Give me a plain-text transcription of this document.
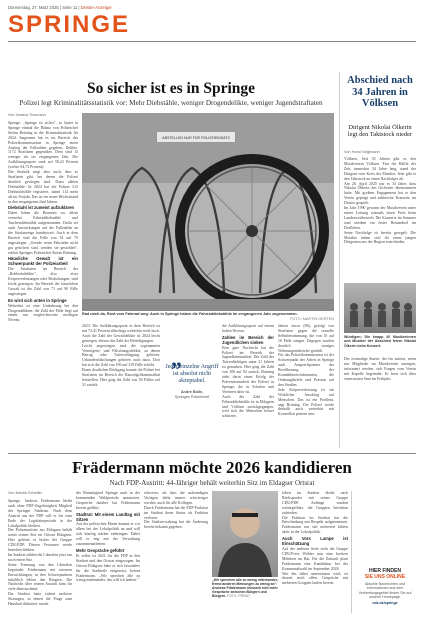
Donnerstag, 27. März 2025 | Seite 11 | Deister-Anzeiger
SPRINGE
So sicher ist es in Springe
Polizei legt Kriminalitätsstatistik vor: Mehr Diebstähle, weniger Drogendelikte, weniger Jugendstraftaten
Von Jessica Tiesmann
Springe. „Springe ist sicher", so lautet in Springe einmal die Bilanz von Polizeichef Stefan Brüning in der Kriminalstatistik für 2024. Insgesamt hat es im Bereich des Polizeikommissariats in Springe einen Anstieg der Fallzahlen gegeben, Delikte, 1172 Straftaten gegenüber. Dem sind 13 weniger als im vergangenen Jahr. Die Aufklärungsquote sank auf 58,22 Prozent (vorher 64,72 Prozent).
Die Statistik zeigt aber auch, dass es Straftaten gibt, bei denen die Polizei deutlich gestiegen sind. Dazu zählen Diebstähle: In 2024 hat die Polizei 312 Diebstahlsfälle registriert, damit 114 mehr als im Vorjahr. Das ist ein neuer Höchststand in den vergangenen fünf Jahren.
Diebstahl ist zumeist aufzuklären
Dabei haben die Beamten vor allem vermehrt Fahrraddiebstähle und Taschendiebstähle aufgenommen. Dafür sei auch Auswirkungen auf die Fallzahlen an der Strafanzeige bundesweit. Auch in dem Bereich sind die Fälle von 34 auf 70 angestiegen. „Gerade wenn Fahrräder nicht gut gesichert sind, werden sie gestohlen", erklärt Springes Polizeichef Stefan Brüning.
Häusliche Gewalt ist ein Schwerpunkt der Polizeiarbeit
Die Straftaten im Bereich der „Rohheitsdelikte", also etwa Körperverletzungen oder Bedrohungen, sind leicht gestiegen. Im Bereich der häuslichen Gewalt ist die Zahl von 71 auf 90 Fälle angestiegen.
Es wird sich unten in Springe
Weiterhin ist eine Umkehrung bei den Drogendelikten: die Zahl der Fälle liegt auf einem nur vergleichsweise niedrigen Niveau.
ABSTELLEN NUR FÜR POLIZEIEINSATZ
Rad noch da, Rost vom Fahrrad weg: Auch in Springe haben die Fahrraddiebstähle im vergangenen Jahr zugenommen.
FOTO: MARTIN GERTEN
2023. Die Aufklärungsquote in dem Bereich ist mit 73,41 Prozent allerdings weiterhin recht hoch. Auch die Zahl der Gewaltdelikte ist 2024 leicht gestiegen, ebenso die Zahl der Beleidigungen.
Leicht angestiegen sind die sogenannten Vermögens- und Fälschungsdelikte, zu denen Betrug oder Unterschlagung gehören. Urkundenfälschungen gehören auch dazu. Dort hat sich die Zahl von 196 auf 219 Fälle erhöht.
Einen deutlichen Rückgang konnte die Polizei bei Straftaten im Bereich der Rauschgiftkriminalität feststellen. Hier ging die Zahl von 56 Fällen auf 31 zurück.
„
Jeder einzelne Angriff ist absolut nicht akzeptabel.
André Bolle,
Springes Polizeichef
die Aufklärungsquote auf einem hohen Niveau.
Zahlen im Bereich der Jugendlichen sinken
Eine gute Nachricht hat die Polizei im Bereich der Jugendkriminalität: Die Zahl der Tatverdächtigen unter 21 Jahren ist gesunken. Hier ging die Zahl von 106 auf 92 zurück. Brüning sieht darin einen Erfolg der Präventionsarbeit der Polizei in Springe, die in Schulen und Vereinen aktiv ist.
Auch die Zahl der Fahrraddiebstähle ist in Eldagsen und Völksen zurückgegangen, weil sich die Menschen besser schützen.
Jahren zuvor (86), gefolgt von Straftaten gegen die sexuelle Selbstbestimmung, die von 10 auf 16 Fälle stiegen. Dagegen wurden deutlich weniger Wohnungseinbrüche gezählt.
Für das Polizeikommissariat ist der Schwerpunkt der Arbeit in Springe auch Ansprechpartner der Bevölkerung, der Kontaktbereichsbeamten, die Ordnungskräfte und Präsenz auf den Straßen.
Jede Körperverletzung ist ein Wirklicher Anschlag auf Menschen. Das ist ein Problem, sagt Brüning. Die Polizei werde deshalb auch weiterhin mit Kontrollen präsent sein.
Abschied nach 34 Jahren in Völksen
Dirigent Nikolai Ölkerin legt den Taktstock nieder
Von Horst Voigtmann
Völksen. Seit 35 Jahren gibt es den Musikverein Völksen. Fast die Hälfte der Zeit, immerhin 34 Jahre lang, stand der Dirigent vorn Kreis der Musiker. Jetzt gibt er den Taktstock an einen Nachfolger ab.
Am 26. April 2025 war es 34 Jahre, dass Nikolai Ölkerin das Orchester übernommen hatte. Mit großem Engagement hat er den Verein geprägt und zahlreiche Konzerte im Deister gespielt.
Im Jahr 1990 gewann der Musikverein unter seiner Leitung erstmals einen Preis beim Landeswettbewerb. Die Konzerte im Sommer sind seitdem ein fester Bestandteil im Dorfleben.
Seine Nachfolge ist bereits geregelt: Die Musiker haben sich für einen jungen Dirigenten aus der Region entschieden.
Würdigen: Die knapp 40 Musikerinnen und Musiker der Abschied feiern Nikolai Ölkerin beim Konzert.
Der erstmalige Starter, der bis zuletzt, wenn nur Mitglieder im Musikverein anzeigen, informiert werden, sich Fragen vom Verein mit Kapelle begründet. Er freut sich über einen neuen Start im Frühjahr.
Frädermann möchte 2026 kandidieren
Nach FDP-Austritt: 44-Jähriger behält weiterhin Sitz im Eldagser Ortsrat
Von Mantia Scheffer
Springe. Andreas Frädermann bleibt auch ohne FDP-Zugehörigkeit Mitglied des Springer Stadtrats. Nach dem Austritt aus der FDP will er bis zum Ende der Legislaturperiode in der Lokalpolitik bleiben.
Der Polizeimeister aus Eldagsen behält somit seinen Sitz im Ortsrat Eldagsen. Hier gehörte er bisher der Gruppe CDU/FDP. Diesen Vertrauen werde bestehen bleiben.
Im Stadtrat zählen die Liberalen jetzt nur noch einen Sitz.
Seine Trennung von den Liberalen begründet Frädermann mit internen Entwicklungen, in den Schwerpunkten inhaltlich fehlen den Bürgern. Die Nachricht über seinen Austritt kam für viele überraschend.
Der Stadtrat hatte zuletzt mehrere Sitzungen, in denen die Frage zum Haushalt diskutiert wurde.
der Ratsmitglied Springe auch in der kommenden Wahlperiode anzutreten. Gespräche darüber hat Frädermann bereits geführt.
Stadtrat: Mit einem Landtag mit Sitzen
Auf der politischen Ebene kommt er vor allem bei der Lokalpolitik an und will sich künftig stärker einbringen. Dabei will er eng mit der Verwaltung zusammenarbeiten.
Mehr Gespräche geführt
Er selbst ist 2021 für die FDP in den Stadtrat und den Ortsrat eingezogen. Im Ortsrat Eldagsen habe er sich besonders für die Stadtteile eingesetzt, betont Frädermann. „Wir sprechen alle zu wenig miteinander, das will ich ändern."
schwerer, als dass die aufwendigen Vorlagen dafür immer schwieriger werden, auch für alle Kollegen.
Durch Frädermann hat die FDP-Fraktion im Stadtrat ihren Status als Fraktion verloren.
Die Stadtverwaltung hat die Änderung bereits bekannt gegeben.
„Wir sprechen alle zu wenig miteinander, fremd anderen Meinungen zu wenig an": Andreas Frädermann wünscht sich mehr Gespräche zwischen Bürgern und Bürgern. FOTO: PRIVAT
falten im Stadtrat direkt nach Rücksprache mit seiner Gruppe CDU/FDP. Anfänge wurden weitergeführt, die Gruppen berichten zufrieden.
Die Fraktion im Stadtrat hat die Entscheidung mit Respekt aufgenommen. Frädermann war seit mehreren Jahren aktiv in der Lokalpolitik.
Auch Vors Lampe ist Einschätzung
Auf der anderen Seite sieht die Gruppe CDU/Freie Wähler nun eine breitere Mehrheit im Rat. Für die Zukunft plant Frädermann eine Kandidatur bei der Kommunalwahl im September 2026.
Wer ihn dabei unterstützen wird, ist derzeit noch offen. Gespräche mit mehreren Gruppen laufen bereits.
HIER FINDEN
SIE UNS ONLINE
Aktuelle Nachrichten und Informationen aus dem Verbreitungsgebiet finden Sie auf unserer Homepage.
ndz.de/springe
